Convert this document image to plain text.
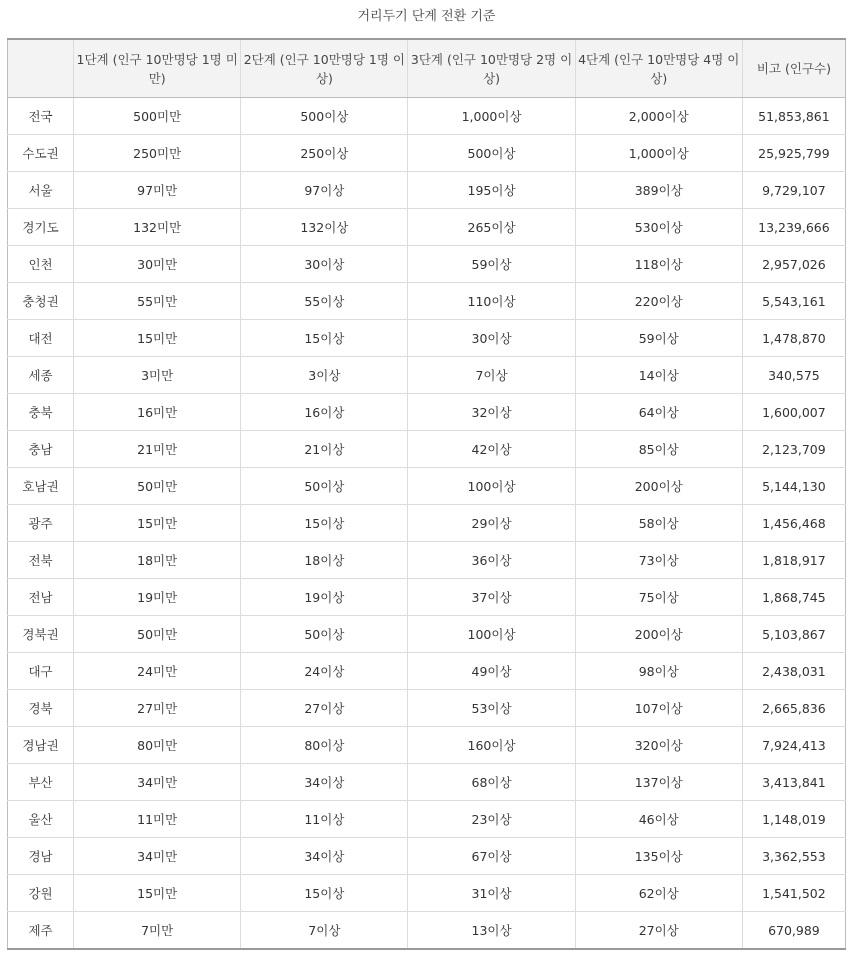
거리두기 단계 전환 기준
	1단계 (인구 10만명당 1명 미만)	2단계 (인구 10만명당 1명 이상)	3단계 (인구 10만명당 2명 이상)	4단계 (인구 10만명당 4명 이상)	비고 (인구수)
전국	500미만	500이상	1,000이상	2,000이상	51,853,861
수도권	250미만	250이상	500이상	1,000이상	25,925,799
서울	97미만	97이상	195이상	389이상	9,729,107
경기도	132미만	132이상	265이상	530이상	13,239,666
인천	30미만	30이상	59이상	118이상	2,957,026
충청권	55미만	55이상	110이상	220이상	5,543,161
대전	15미만	15이상	30이상	59이상	1,478,870
세종	3미만	3이상	7이상	14이상	340,575
충북	16미만	16이상	32이상	64이상	1,600,007
충남	21미만	21이상	42이상	85이상	2,123,709
호남권	50미만	50이상	100이상	200이상	5,144,130
광주	15미만	15이상	29이상	58이상	1,456,468
전북	18미만	18이상	36이상	73이상	1,818,917
전남	19미만	19이상	37이상	75이상	1,868,745
경북권	50미만	50이상	100이상	200이상	5,103,867
대구	24미만	24이상	49이상	98이상	2,438,031
경북	27미만	27이상	53이상	107이상	2,665,836
경남권	80미만	80이상	160이상	320이상	7,924,413
부산	34미만	34이상	68이상	137이상	3,413,841
울산	11미만	11이상	23이상	46이상	1,148,019
경남	34미만	34이상	67이상	135이상	3,362,553
강원	15미만	15이상	31이상	62이상	1,541,502
제주	7미만	7이상	13이상	27이상	670,989
